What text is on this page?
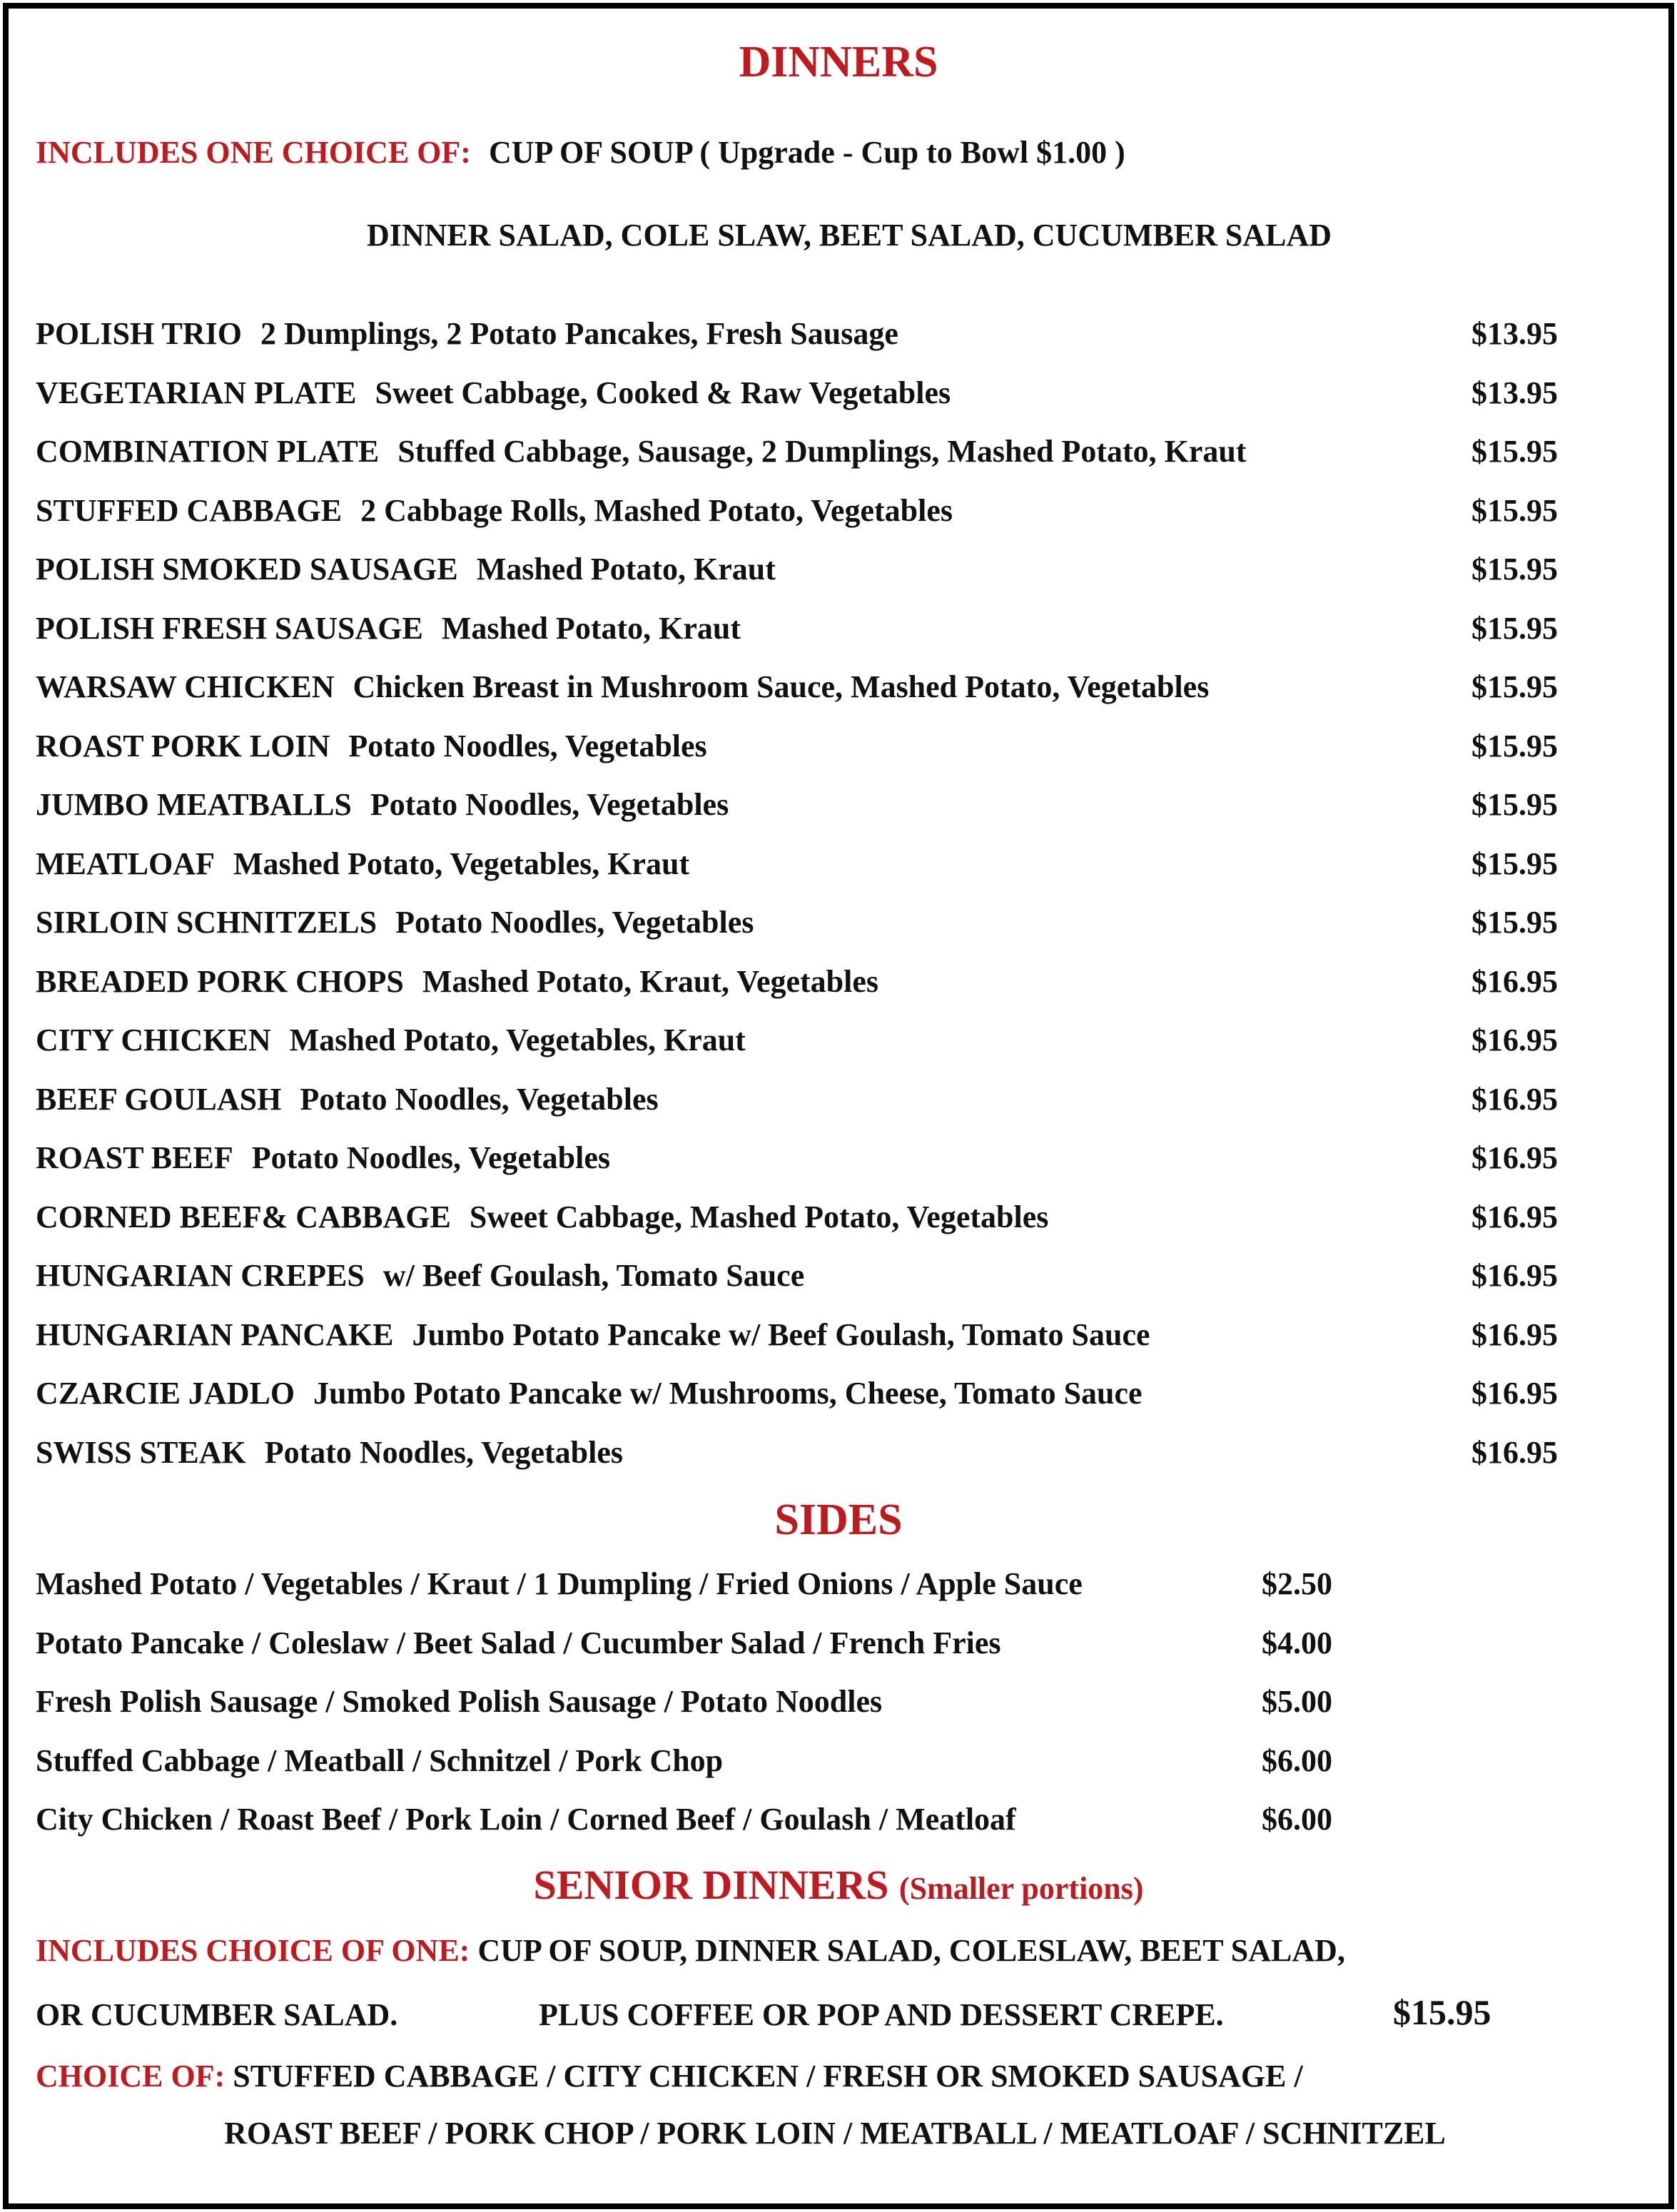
DINNERS
INCLUDES ONE CHOICE OF: CUP OF SOUP ( Upgrade - Cup to Bowl $1.00 )
DINNER SALAD, COLE SLAW, BEET SALAD, CUCUMBER SALAD
POLISH TRIO 2 Dumplings, 2 Potato Pancakes, Fresh Sausage	$13.95
VEGETARIAN PLATE Sweet Cabbage, Cooked & Raw Vegetables	$13.95
COMBINATION PLATE Stuffed Cabbage, Sausage, 2 Dumplings, Mashed Potato, Kraut	$15.95
STUFFED CABBAGE 2 Cabbage Rolls, Mashed Potato, Vegetables	$15.95
POLISH SMOKED SAUSAGE Mashed Potato, Kraut	$15.95
POLISH FRESH SAUSAGE Mashed Potato, Kraut	$15.95
WARSAW CHICKEN Chicken Breast in Mushroom Sauce, Mashed Potato, Vegetables	$15.95
ROAST PORK LOIN Potato Noodles, Vegetables	$15.95
JUMBO MEATBALLS Potato Noodles, Vegetables	$15.95
MEATLOAF Mashed Potato, Vegetables, Kraut	$15.95
SIRLOIN SCHNITZELS Potato Noodles, Vegetables	$15.95
BREADED PORK CHOPS Mashed Potato, Kraut, Vegetables	$16.95
CITY CHICKEN Mashed Potato, Vegetables, Kraut	$16.95
BEEF GOULASH Potato Noodles, Vegetables	$16.95
ROAST BEEF Potato Noodles, Vegetables	$16.95
CORNED BEEF& CABBAGE Sweet Cabbage, Mashed Potato, Vegetables	$16.95
HUNGARIAN CREPES w/ Beef Goulash, Tomato Sauce	$16.95
HUNGARIAN PANCAKE Jumbo Potato Pancake w/ Beef Goulash, Tomato Sauce	$16.95
CZARCIE JADLO Jumbo Potato Pancake w/ Mushrooms, Cheese, Tomato Sauce	$16.95
SWISS STEAK Potato Noodles, Vegetables	$16.95
SIDES
Mashed Potato / Vegetables / Kraut / 1 Dumpling / Fried Onions / Apple Sauce	$2.50
Potato Pancake / Coleslaw / Beet Salad / Cucumber Salad / French Fries	$4.00
Fresh Polish Sausage / Smoked Polish Sausage / Potato Noodles	$5.00
Stuffed Cabbage / Meatball / Schnitzel / Pork Chop	$6.00
City Chicken / Roast Beef / Pork Loin / Corned Beef / Goulash / Meatloaf	$6.00
SENIOR DINNERS (Smaller portions)
INCLUDES CHOICE OF ONE: CUP OF SOUP, DINNER SALAD, COLESLAW, BEET SALAD,
OR CUCUMBER SALAD.	PLUS COFFEE OR POP AND DESSERT CREPE.	$15.95
CHOICE OF: STUFFED CABBAGE / CITY CHICKEN / FRESH OR SMOKED SAUSAGE /
ROAST BEEF / PORK CHOP / PORK LOIN / MEATBALL / MEATLOAF / SCHNITZEL
